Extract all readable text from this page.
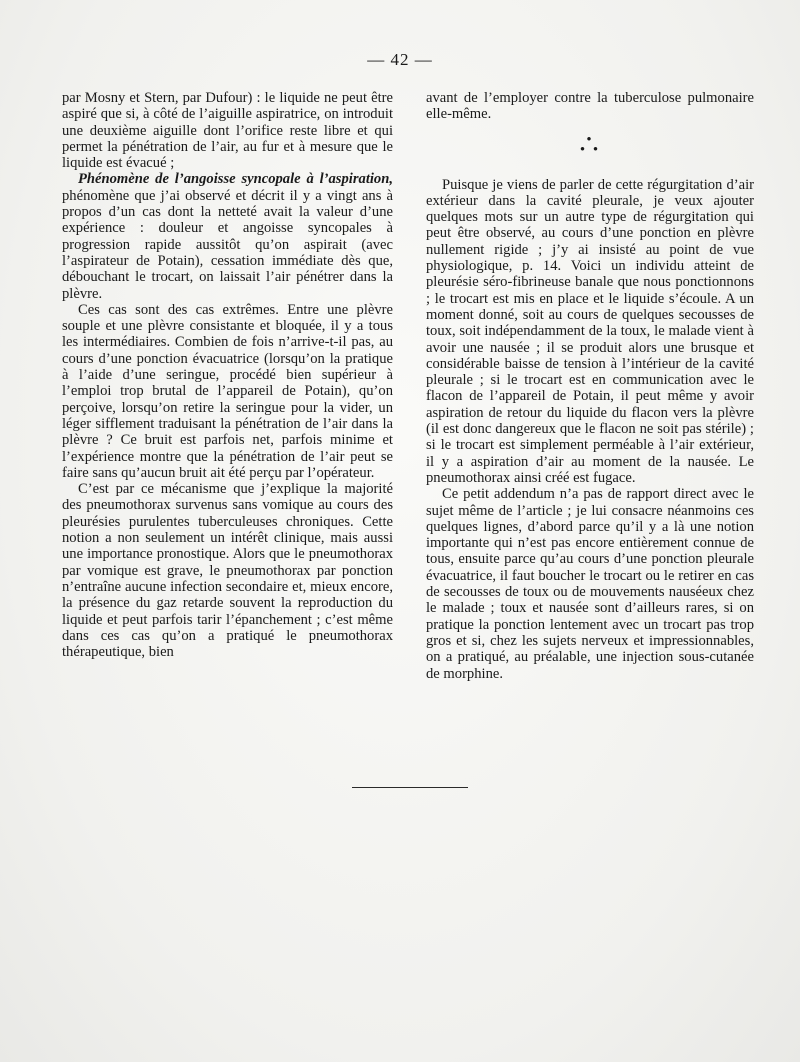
— 42 —

par Mosny et Stern, par Dufour) : le liquide ne peut être aspiré que si, à côté de l’aiguille aspiratrice, on introduit une deuxième aiguille dont l’orifice reste libre et qui permet la pénétration de l’air, au fur et à mesure que le liquide est évacué ;

Phénomène de l’angoisse syncopale à l’aspiration, phénomène que j’ai observé et décrit il y a vingt ans à propos d’un cas dont la netteté avait la valeur d’une expérience : douleur et angoisse syncopales à progression rapide aussitôt qu’on aspirait (avec l’aspirateur de Potain), cessation immédiate dès que, débouchant le trocart, on laissait l’air pénétrer dans la plèvre.

Ces cas sont des cas extrêmes. Entre une plèvre souple et une plèvre consistante et bloquée, il y a tous les intermédiaires. Combien de fois n’arrive-t-il pas, au cours d’une ponction évacuatrice (lorsqu’on la pratique à l’aide d’une seringue, procédé bien supérieur à l’emploi trop brutal de l’appareil de Potain), qu’on perçoive, lorsqu’on retire la seringue pour la vider, un léger sifflement traduisant la pénétration de l’air dans la plèvre ? Ce bruit est parfois net, parfois minime et l’expérience montre que la pénétration de l’air peut se faire sans qu’aucun bruit ait été perçu par l’opérateur.

C’est par ce mécanisme que j’explique la majorité des pneumothorax survenus sans vomique au cours des pleurésies purulentes tuberculeuses chroniques. Cette notion a non seulement un intérêt clinique, mais aussi une importance pronostique. Alors que le pneumothorax par vomique est grave, le pneumothorax par ponction n’entraîne aucune infection secondaire et, mieux encore, la présence du gaz retarde souvent la reproduction du liquide et peut parfois tarir l’épanchement ; c’est même dans ces cas qu’on a pratiqué le pneumothorax thérapeutique, bien

avant de l’employer contre la tuberculose pulmonaire elle-même.

•
• •

Puisque je viens de parler de cette régurgitation d’air extérieur dans la cavité pleurale, je veux ajouter quelques mots sur un autre type de régurgitation qui peut être observé, au cours d’une ponction en plèvre nullement rigide ; j’y ai insisté au point de vue physiologique, p. 14. Voici un individu atteint de pleurésie séro-fibrineuse banale que nous ponctionnons ; le trocart est mis en place et le liquide s’écoule. A un moment donné, soit au cours de quelques secousses de toux, soit indépendamment de la toux, le malade vient à avoir une nausée ; il se produit alors une brusque et considérable baisse de tension à l’intérieur de la cavité pleurale ; si le trocart est en communication avec le flacon de l’appareil de Potain, il peut même y avoir aspiration de retour du liquide du flacon vers la plèvre (il est donc dangereux que le flacon ne soit pas stérile) ; si le trocart est simplement perméable à l’air extérieur, il y a aspiration d’air au moment de la nausée. Le pneumothorax ainsi créé est fugace.

Ce petit addendum n’a pas de rapport direct avec le sujet même de l’article ; je lui consacre néanmoins ces quelques lignes, d’abord parce qu’il y a là une notion importante qui n’est pas encore entièrement connue de tous, ensuite parce qu’au cours d’une ponction pleurale évacuatrice, il faut boucher le trocart ou le retirer en cas de secousses de toux ou de mouvements nauséeux chez le malade ; toux et nausée sont d’ailleurs rares, si on pratique la ponction lentement avec un trocart pas trop gros et si, chez les sujets nerveux et impressionnables, on a pratiqué, au préalable, une injection sous-cutanée de morphine.
